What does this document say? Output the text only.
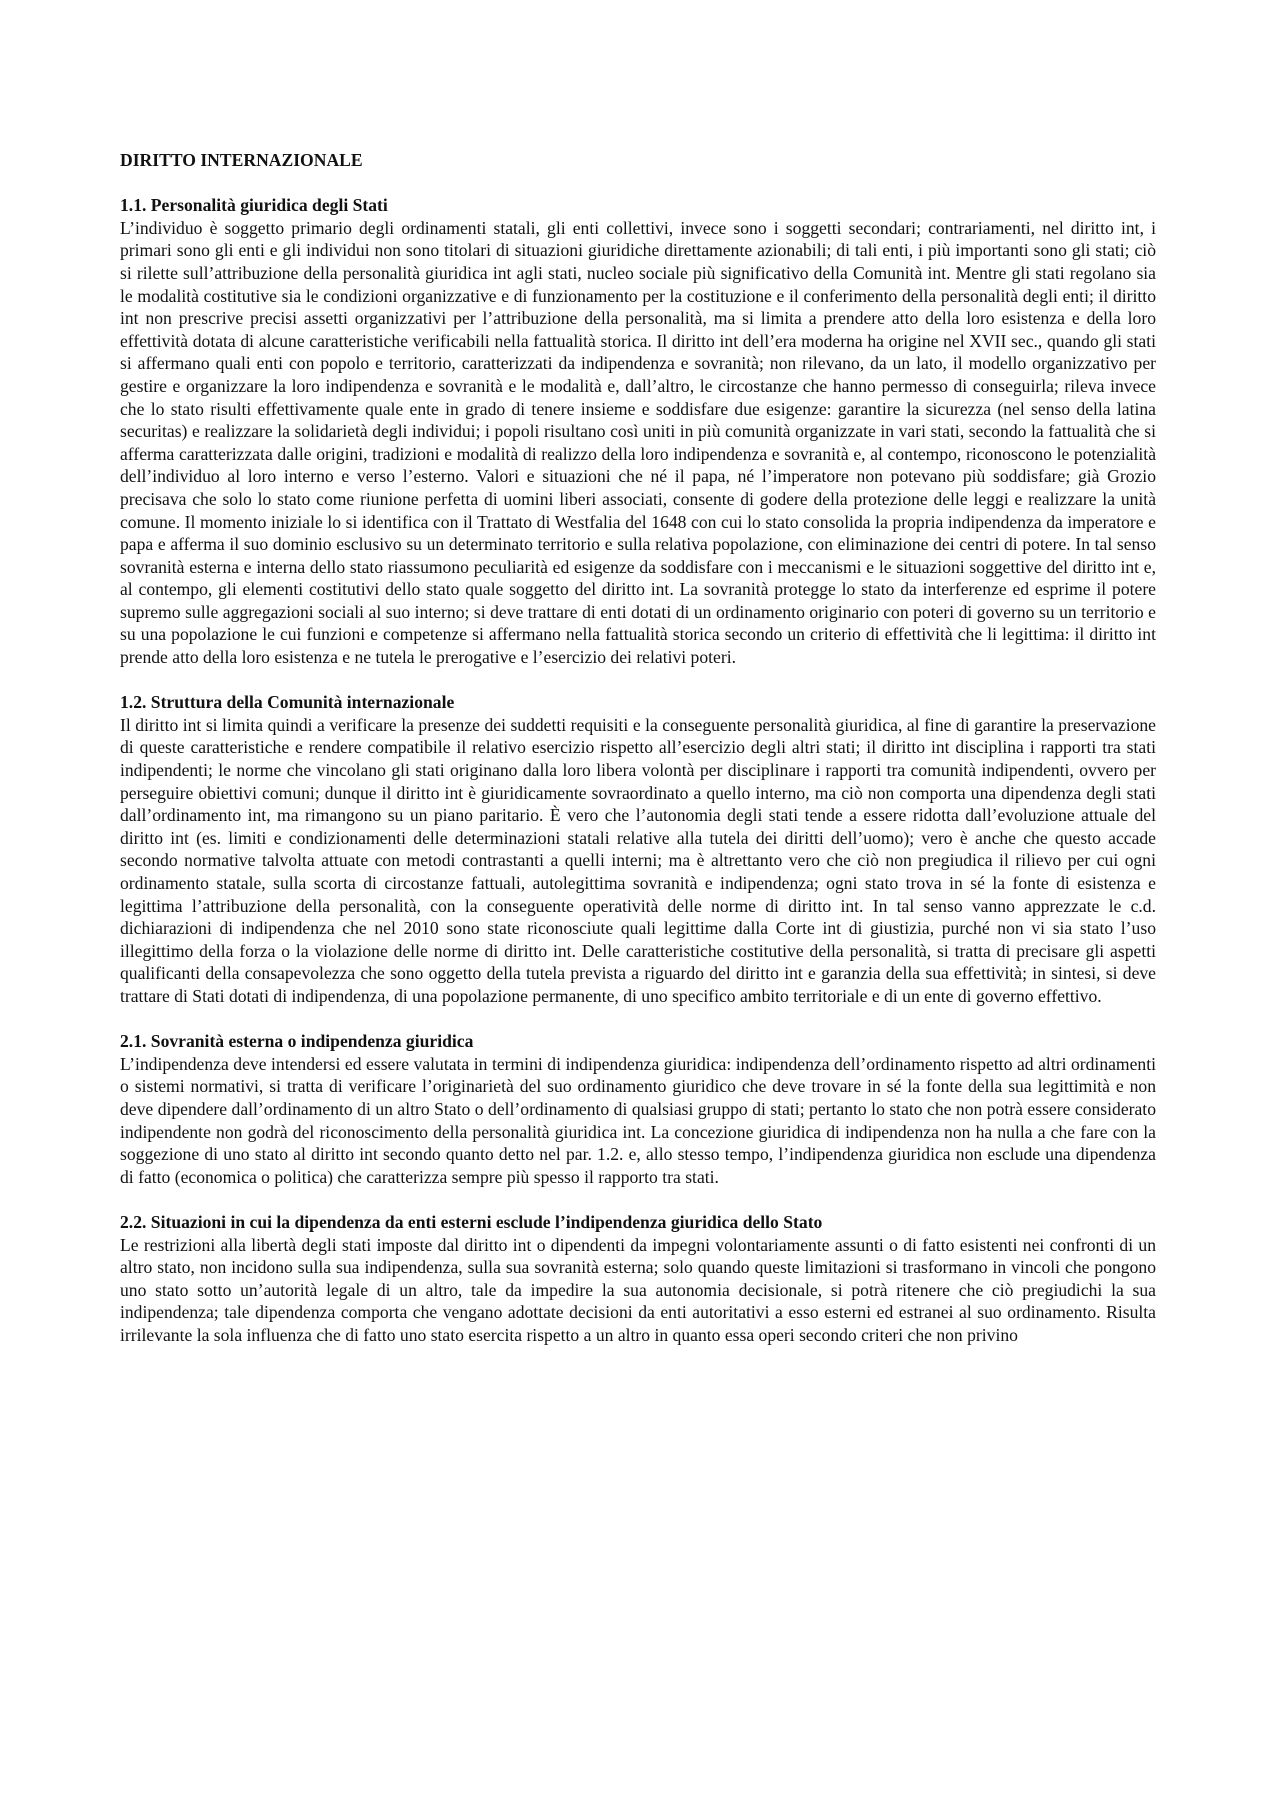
DIRITTO INTERNAZIONALE
1.1. Personalità giuridica degli Stati
L’individuo è soggetto primario degli ordinamenti statali, gli enti collettivi, invece sono i soggetti secondari; contrariamenti, nel diritto int, i primari sono gli enti e gli individui non sono titolari di situazioni giuridiche direttamente azionabili; di tali enti, i più importanti sono gli stati; ciò si rilette sull’attribuzione della personalità giuridica int agli stati, nucleo sociale più significativo della Comunità int. Mentre gli stati regolano sia le modalità costitutive sia le condizioni organizzative e di funzionamento per la costituzione e il conferimento della personalità degli enti; il diritto int non prescrive precisi assetti organizzativi per l’attribuzione della personalità, ma si limita a prendere atto della loro esistenza e della loro effettività dotata di alcune caratteristiche verificabili nella fattualità storica. Il diritto int dell’era moderna ha origine nel XVII sec., quando gli stati si affermano quali enti con popolo e territorio, caratterizzati da indipendenza e sovranità; non rilevano, da un lato, il modello organizzativo per gestire e organizzare la loro indipendenza e sovranità e le modalità e, dall’altro, le circostanze che hanno permesso di conseguirla; rileva invece che lo stato risulti effettivamente quale ente in grado di tenere insieme e soddisfare due esigenze: garantire la sicurezza (nel senso della latina securitas) e realizzare la solidarietà degli individui; i popoli risultano così uniti in più comunità organizzate in vari stati, secondo la fattualità che si afferma caratterizzata dalle origini, tradizioni e modalità di realizzo della loro indipendenza e sovranità e, al contempo, riconoscono le potenzialità dell’individuo al loro interno e verso l’esterno. Valori e situazioni che né il papa, né l’imperatore non potevano più soddisfare; già Grozio precisava che solo lo stato come riunione perfetta di uomini liberi associati, consente di godere della protezione delle leggi e realizzare la unità comune. Il momento iniziale lo si identifica con il Trattato di Westfalia del 1648 con cui lo stato consolida la propria indipendenza da imperatore e papa e afferma il suo dominio esclusivo su un determinato territorio e sulla relativa popolazione, con eliminazione dei centri di potere. In tal senso sovranità esterna e interna dello stato riassumono peculiarità ed esigenze da soddisfare con i meccanismi e le situazioni soggettive del diritto int e, al contempo, gli elementi costitutivi dello stato quale soggetto del diritto int. La sovranità protegge lo stato da interferenze ed esprime il potere supremo sulle aggregazioni sociali al suo interno; si deve trattare di enti dotati di un ordinamento originario con poteri di governo su un territorio e su una popolazione le cui funzioni e competenze si affermano nella fattualità storica secondo un criterio di effettività che li legittima: il diritto int prende atto della loro esistenza e ne tutela le prerogative e l’esercizio dei relativi poteri.
1.2. Struttura della Comunità internazionale
Il diritto int si limita quindi a verificare la presenze dei suddetti requisiti e la conseguente personalità giuridica, al fine di garantire la preservazione di queste caratteristiche e rendere compatibile il relativo esercizio rispetto all’esercizio degli altri stati; il diritto int disciplina i rapporti tra stati indipendenti; le norme che vincolano gli stati originano dalla loro libera volontà per disciplinare i rapporti tra comunità indipendenti, ovvero per perseguire obiettivi comuni; dunque il diritto int è giuridicamente sovraordinato a quello interno, ma ciò non comporta una dipendenza degli stati dall’ordinamento int, ma rimangono su un piano paritario. È vero che l’autonomia degli stati tende a essere ridotta dall’evoluzione attuale del diritto int (es. limiti e condizionamenti delle determinazioni statali relative alla tutela dei diritti dell’uomo); vero è anche che questo accade secondo normative talvolta attuate con metodi contrastanti a quelli interni; ma è altrettanto vero che ciò non pregiudica il rilievo per cui ogni ordinamento statale, sulla scorta di circostanze fattuali, autolegittima sovranità e indipendenza; ogni stato trova in sé la fonte di esistenza e legittima l’attribuzione della personalità, con la conseguente operatività delle norme di diritto int. In tal senso vanno apprezzate le c.d. dichiarazioni di indipendenza che nel 2010 sono state riconosciute quali legittime dalla Corte int di giustizia, purché non vi sia stato l’uso illegittimo della forza o la violazione delle norme di diritto int. Delle caratteristiche costitutive della personalità, si tratta di precisare gli aspetti qualificanti della consapevolezza che sono oggetto della tutela prevista a riguardo del diritto int e garanzia della sua effettività; in sintesi, si deve trattare di Stati dotati di indipendenza, di una popolazione permanente, di uno specifico ambito territoriale e di un ente di governo effettivo.
2.1. Sovranità esterna o indipendenza giuridica
L’indipendenza deve intendersi ed essere valutata in termini di indipendenza giuridica: indipendenza dell’ordinamento rispetto ad altri ordinamenti o sistemi normativi, si tratta di verificare l’originarietà del suo ordinamento giuridico che deve trovare in sé la fonte della sua legittimità e non deve dipendere dall’ordinamento di un altro Stato o dell’ordinamento di qualsiasi gruppo di stati; pertanto lo stato che non potrà essere considerato indipendente non godrà del riconoscimento della personalità giuridica int. La concezione giuridica di indipendenza non ha nulla a che fare con la soggezione di uno stato al diritto int secondo quanto detto nel par. 1.2. e, allo stesso tempo, l’indipendenza giuridica non esclude una dipendenza di fatto (economica o politica) che caratterizza sempre più spesso il rapporto tra stati.
2.2. Situazioni in cui la dipendenza da enti esterni esclude l’indipendenza giuridica dello Stato
Le restrizioni alla libertà degli stati imposte dal diritto int o dipendenti da impegni volontariamente assunti o di fatto esistenti nei confronti di un altro stato, non incidono sulla sua indipendenza, sulla sua sovranità esterna; solo quando queste limitazioni si trasformano in vincoli che pongono uno stato sotto un’autorità legale di un altro, tale da impedire la sua autonomia decisionale, si potrà ritenere che ciò pregiudichi la sua indipendenza; tale dipendenza comporta che vengano adottate decisioni da enti autoritativi a esso esterni ed estranei al suo ordinamento. Risulta irrilevante la sola influenza che di fatto uno stato esercita rispetto a un altro in quanto essa operi secondo criteri che non privino
